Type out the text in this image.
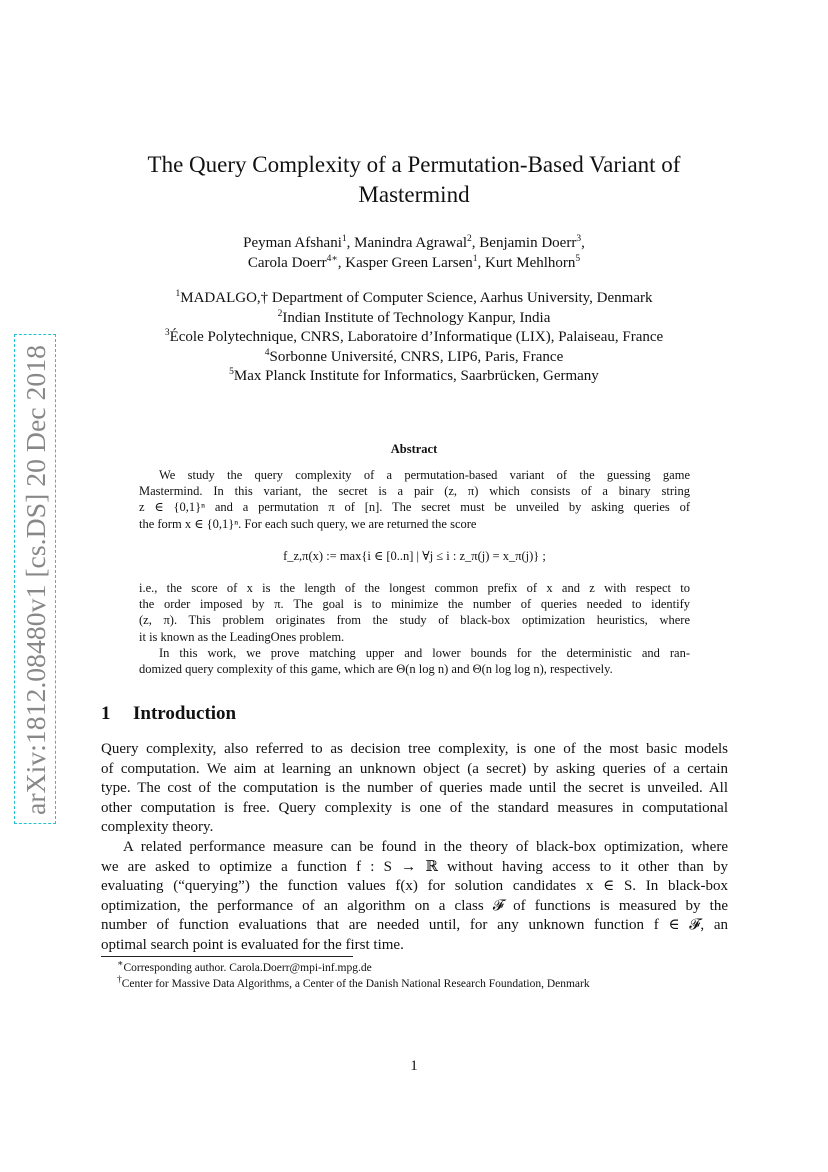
arXiv:1812.08480v1 [cs.DS] 20 Dec 2018
The Query Complexity of a Permutation-Based Variant of
Mastermind
Peyman Afshani$^1$, Manindra Agrawal$^2$, Benjamin Doerr$^3$,
Carola Doerr$^{4∗}$, Kasper Green Larsen$^1$, Kurt Mehlhorn$^5$
$^1$MADALGO,† Department of Computer Science, Aarhus University, Denmark
$^2$Indian Institute of Technology Kanpur, India
$^3$École Polytechnique, CNRS, Laboratoire d’Informatique (LIX), Palaiseau, France
$^4$Sorbonne Université, CNRS, LIP6, Paris, France
$^5$Max Planck Institute for Informatics, Saarbrücken, Germany
Abstract
We study the query complexity of a permutation-based variant of the guessing game
Mastermind. In this variant, the secret is a pair (z, π) which consists of a binary string
z ∈ {0,1}ⁿ and a permutation π of [n]. The secret must be unveiled by asking queries of
the form x ∈ {0,1}ⁿ. For each such query, we are returned the score
f_z,π(x) := max{i ∈ [0..n] | ∀j ≤ i : z_π(j) = x_π(j)} ;
i.e., the score of x is the length of the longest common prefix of x and z with respect to
the order imposed by π. The goal is to minimize the number of queries needed to identify
(z, π). This problem originates from the study of black-box optimization heuristics, where
it is known as the LeadingOnes problem.
In this work, we prove matching upper and lower bounds for the deterministic and ran-
domized query complexity of this game, which are Θ(n log n) and Θ(n log log n), respectively.
1 Introduction
Query complexity, also referred to as decision tree complexity, is one of the most basic models
of computation. We aim at learning an unknown object (a secret) by asking queries of a certain
type. The cost of the computation is the number of queries made until the secret is unveiled. All
other computation is free. Query complexity is one of the standard measures in computational
complexity theory.
A related performance measure can be found in the theory of black-box optimization, where
we are asked to optimize a function f : S → ℝ without having access to it other than by
evaluating (“querying”) the function values f(x) for solution candidates x ∈ S. In black-box
optimization, the performance of an algorithm on a class 𝓕 of functions is measured by the
number of function evaluations that are needed until, for any unknown function f ∈ 𝓕, an
optimal search point is evaluated for the first time.
∗Corresponding author. Carola.Doerr@mpi-inf.mpg.de
†Center for Massive Data Algorithms, a Center of the Danish National Research Foundation, Denmark
1
